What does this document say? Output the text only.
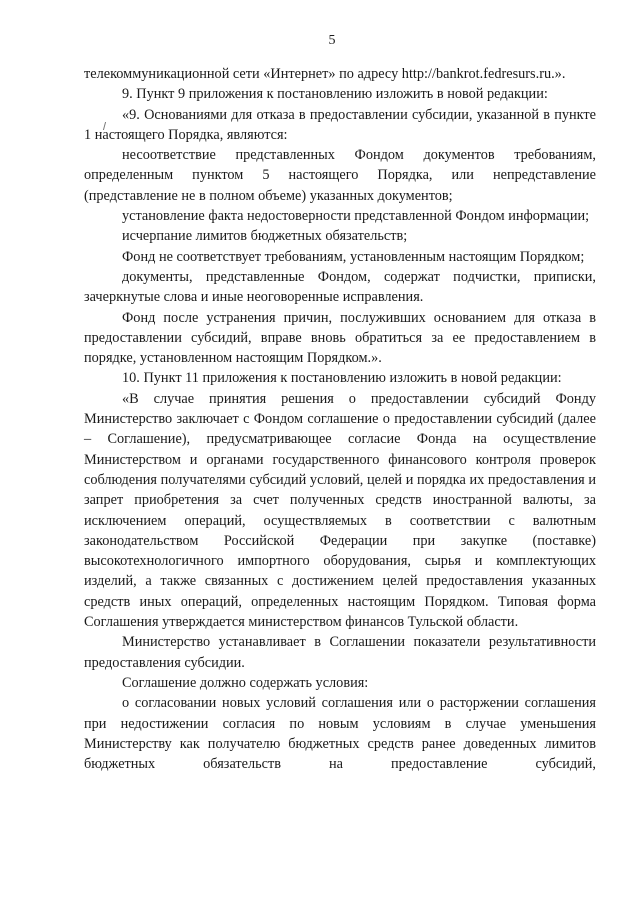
5

телекоммуникационной сети «Интернет» по адресу http://bankrot.fedresurs.ru.».

9. Пункт 9 приложения к постановлению изложить в новой редакции:

«9. Основаниями для отказа в предоставлении субсидии, указанной в пункте 1 настоящего Порядка, являются:

несоответствие представленных Фондом документов требованиям, определенным пунктом 5 настоящего Порядка, или непредставление (представление не в полном объеме) указанных документов;

установление факта недостоверности представленной Фондом информации;

исчерпание лимитов бюджетных обязательств;

Фонд не соответствует требованиям, установленным настоящим Порядком;

документы, представленные Фондом, содержат подчистки, приписки, зачеркнутые слова и иные неоговоренные исправления.

Фонд после устранения причин, послуживших основанием для отказа в предоставлении субсидий, вправе вновь обратиться за ее предоставлением в порядке, установленном настоящим Порядком.».

10. Пункт 11 приложения к постановлению изложить в новой редакции:

«В случае принятия решения о предоставлении субсидий Фонду Министерство заключает с Фондом соглашение о предоставлении субсидий (далее – Соглашение), предусматривающее согласие Фонда на осуществление Министерством и органами государственного финансового контроля проверок соблюдения получателями субсидий условий, целей и порядка их предоставления и запрет приобретения за счет полученных средств иностранной валюты, за исключением операций, осуществляемых в соответствии с валютным законодательством Российской Федерации при закупке (поставке) высокотехнологичного импортного оборудования, сырья и комплектующих изделий, а также связанных с достижением целей предоставления указанных средств иных операций, определенных настоящим Порядком. Типовая форма Соглашения утверждается министерством финансов Тульской области.

Министерство устанавливает в Соглашении показатели результативности предоставления субсидии.

Соглашение должно содержать условия:

о согласовании новых условий соглашения или о расторжении соглашения при недостижении согласия по новым условиям в случае уменьшения Министерству как получателю бюджетных средств ранее доведенных лимитов бюджетных обязательств на предоставление субсидий,
